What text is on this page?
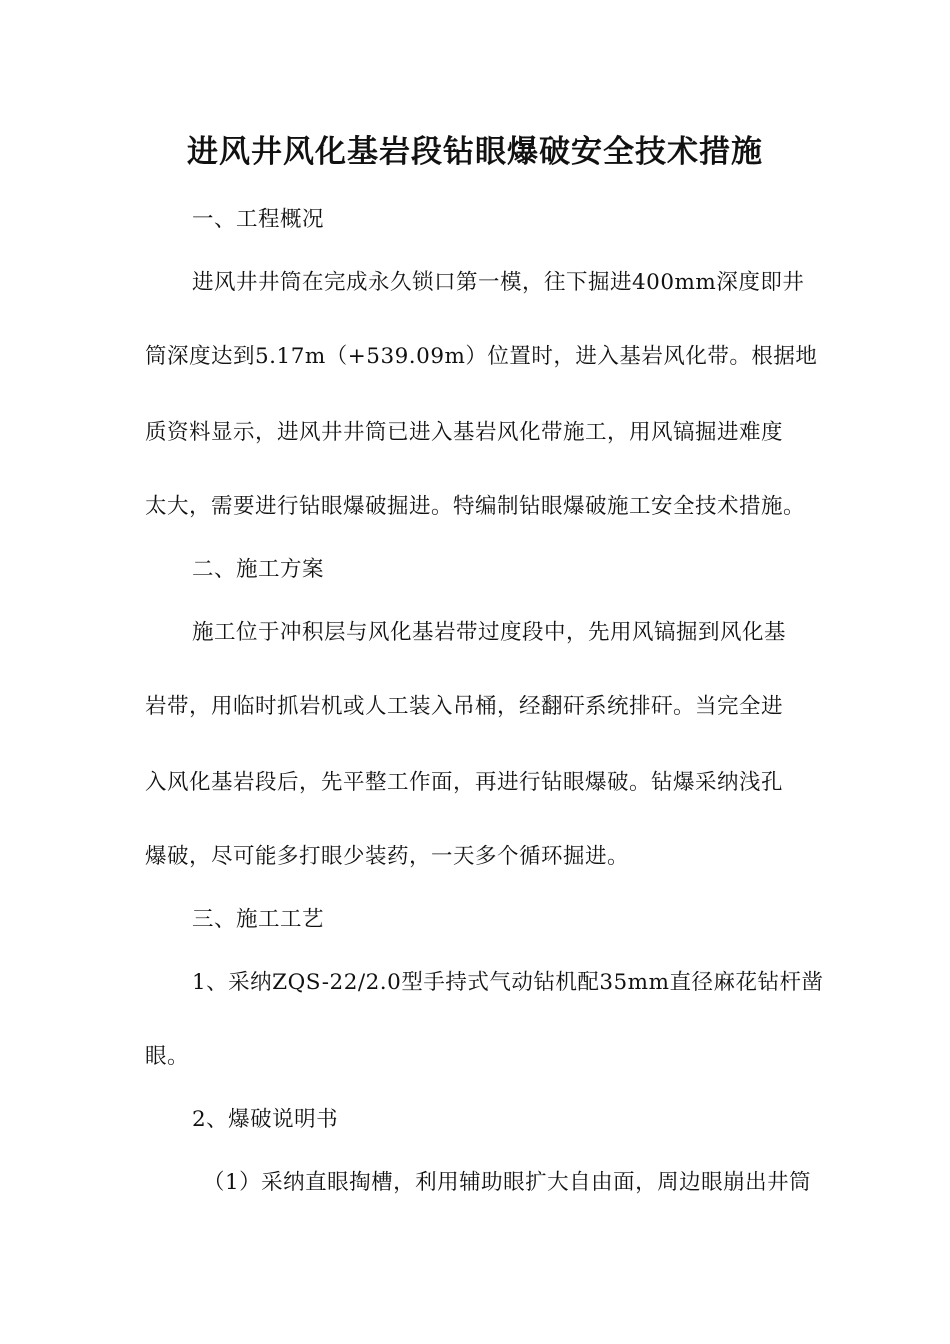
进风井风化基岩段钻眼爆破安全技术措施
一、工程概况
进风井井筒在完成永久锁口第一模，往下掘进400mm深度即井
筒深度达到5.17m（+539.09m）位置时，进入基岩风化带。根据地
质资料显示，进风井井筒已进入基岩风化带施工，用风镐掘进难度
太大，需要进行钻眼爆破掘进。特编制钻眼爆破施工安全技术措施。
二、施工方案
施工位于冲积层与风化基岩带过度段中，先用风镐掘到风化基
岩带，用临时抓岩机或人工装入吊桶，经翻矸系统排矸。当完全进
入风化基岩段后，先平整工作面，再进行钻眼爆破。钻爆采纳浅孔
爆破，尽可能多打眼少装药，一天多个循环掘进。
三、施工工艺
1、采纳ZQS-22/2.0型手持式气动钻机配35mm直径麻花钻杆凿
眼。
2、爆破说明书
（1）采纳直眼掏槽，利用辅助眼扩大自由面，周边眼崩出井筒
